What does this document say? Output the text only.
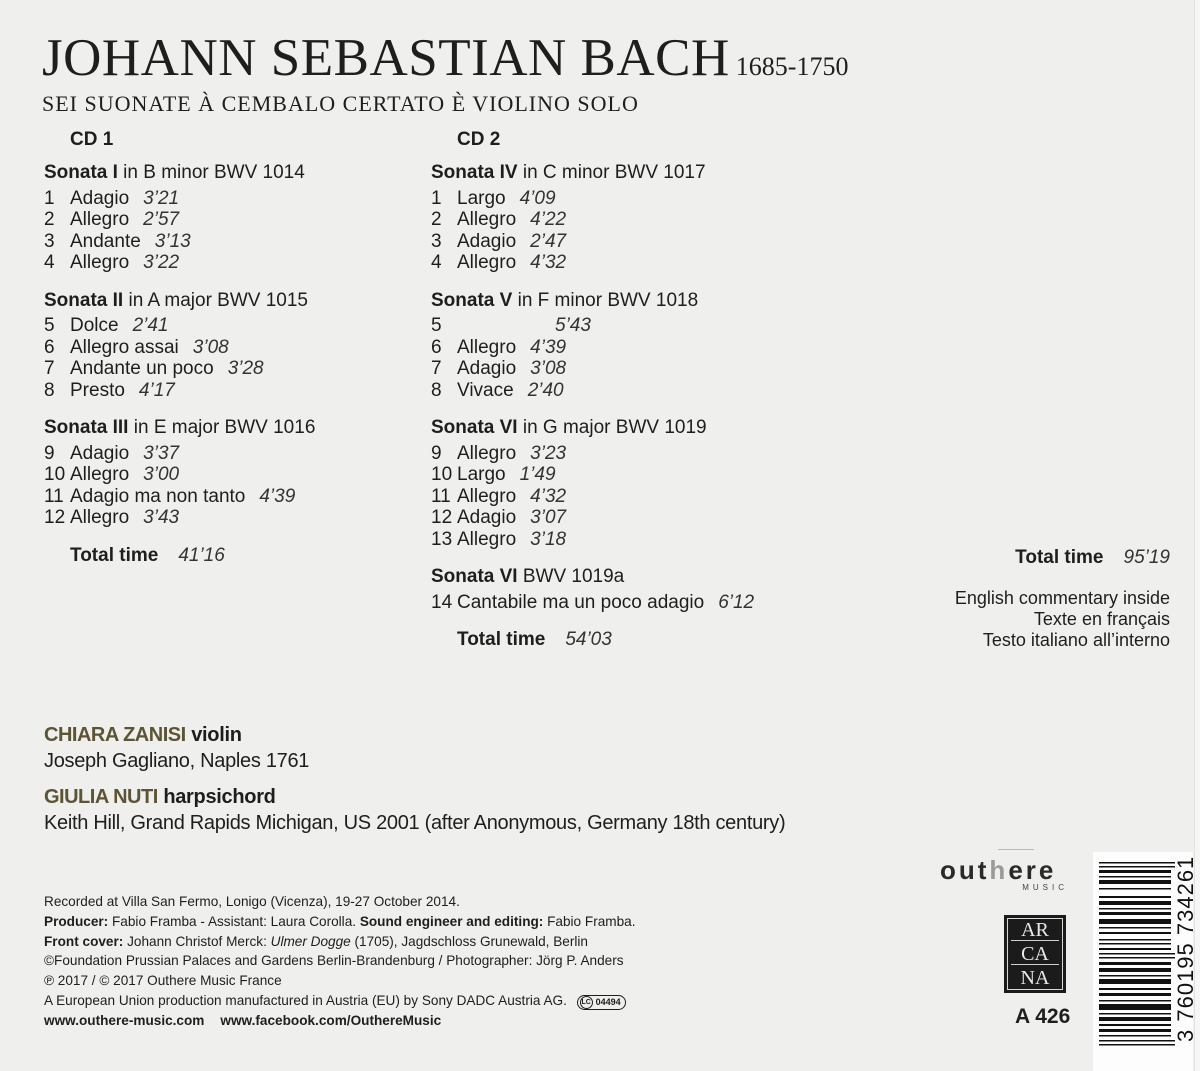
JOHANN SEBASTIAN BACH 1685-1750
SEI SUONATE À CEMBALO CERTATO È VIOLINO SOLO
CD 1
Sonata I in B minor BWV 1014
1 Adagio 3’21
2 Allegro 2’57
3 Andante 3’13
4 Allegro 3’22
Sonata II in A major BWV 1015
5 Dolce 2’41
6 Allegro assai 3’08
7 Andante un poco 3’28
8 Presto 4’17
Sonata III in E major BWV 1016
9 Adagio 3’37
10 Allegro 3’00
11 Adagio ma non tanto 4’39
12 Allegro 3’43
Total time 41’16
CD 2
Sonata IV in C minor BWV 1017
1 Largo 4’09
2 Allegro 4’22
3 Adagio 2’47
4 Allegro 4’32
Sonata V in F minor BWV 1018
5	5’43
6 Allegro 4’39
7 Adagio 3’08
8 Vivace 2’40
Sonata VI in G major BWV 1019
9 Allegro 3’23
10 Largo 1’49
11 Allegro 4’32
12 Adagio 3’07
13 Allegro 3’18
Sonata VI BWV 1019a
14 Cantabile ma un poco adagio 6’12
Total time 54’03
Total time 95’19
English commentary inside
Texte en français
Testo italiano all’interno
CHIARA ZANISI violin
Joseph Gagliano, Naples 1761
GIULIA NUTI harpsichord
Keith Hill, Grand Rapids Michigan, US 2001 (after Anonymous, Germany 18th century)
Recorded at Villa San Fermo, Lonigo (Vicenza), 19-27 October 2014.
Producer: Fabio Framba - Assistant: Laura Corolla. Sound engineer and editing: Fabio Framba.
Front cover: Johann Christof Merck: Ulmer Dogge (1705), Jagdschloss Grunewald, Berlin
©Foundation Prussian Palaces and Gardens Berlin-Brandenburg / Photographer: Jörg P. Anders
℗ 2017 / © 2017 Outhere Music France
A European Union production manufactured in Austria (EU) by Sony DADC Austria AG. LC 04494
www.outhere-music.com www.facebook.com/OuthereMusic
outhere
MUSIC
AR
CA
NA
A 426	3 760195 734261
